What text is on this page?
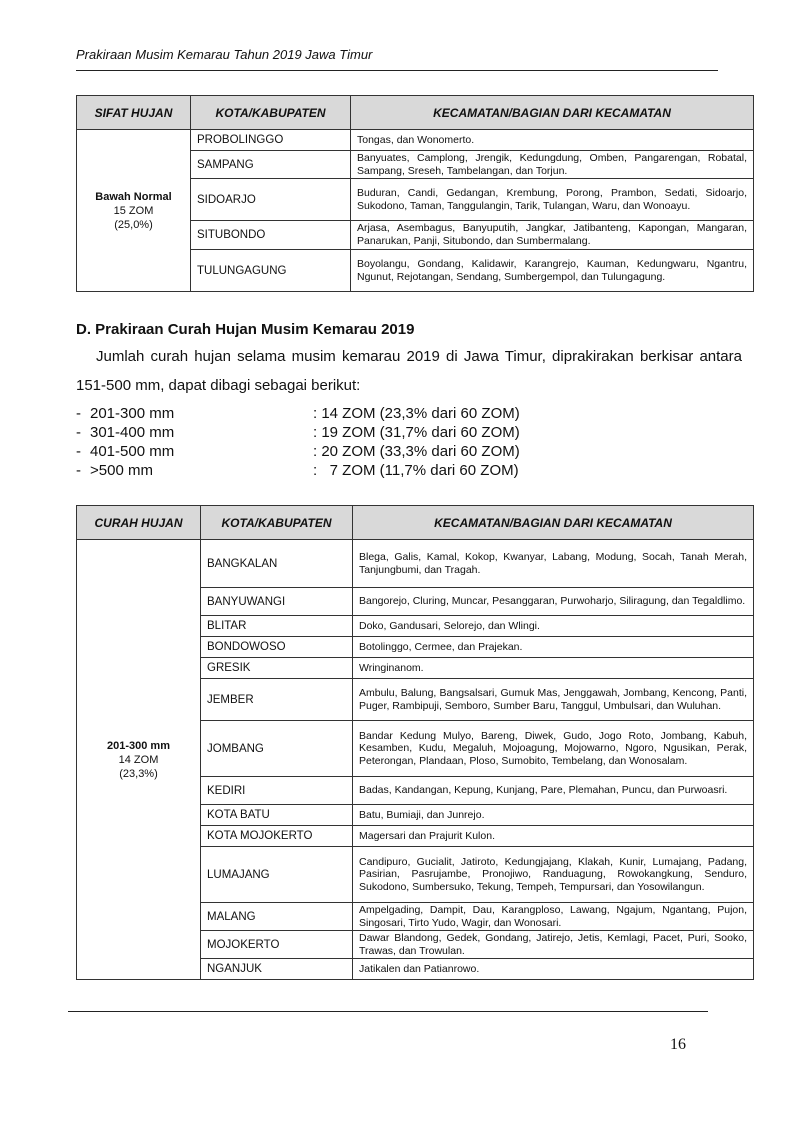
Prakiraan Musim Kemarau Tahun 2019 Jawa Timur
SIFAT HUJAN	KOTA/KABUPATEN	KECAMATAN/BAGIAN DARI KECAMATAN

Bawah Normal
15 ZOM
(25,0%)	PROBOLINGGO	Tongas, dan Wonomerto.
	SAMPANG	Banyuates, Camplong, Jrengik, Kedungdung, Omben, Pangarengan, Robatal, Sampang, Sreseh, Tambelangan, dan Torjun.
	SIDOARJO	Buduran, Candi, Gedangan, Krembung, Porong, Prambon, Sedati, Sidoarjo, Sukodono, Taman, Tanggulangin, Tarik, Tulangan, Waru, dan Wonoayu.
	SITUBONDO	Arjasa, Asembagus, Banyuputih, Jangkar, Jatibanteng, Kapongan, Mangaran, Panarukan, Panji, Situbondo, dan Sumbermalang.
	TULUNGAGUNG	Boyolangu, Gondang, Kalidawir, Karangrejo, Kauman, Kedungwaru, Ngantru, Ngunut, Rejotangan, Sendang, Sumbergempol, dan Tulungagung.
D. Prakiraan Curah Hujan Musim Kemarau 2019
Jumlah curah hujan selama musim kemarau 2019 di Jawa Timur, diprakirakan berkisar antara 151-500 mm, dapat dibagi sebagai berikut:
- 201-300 mm	: 14 ZOM (23,3% dari 60 ZOM)
- 301-400 mm	: 19 ZOM (31,7% dari 60 ZOM)
- 401-500 mm	: 20 ZOM (33,3% dari 60 ZOM)
- >500 mm	:   7 ZOM (11,7% dari 60 ZOM)
CURAH HUJAN	KOTA/KABUPATEN	KECAMATAN/BAGIAN DARI KECAMATAN

201-300 mm
14 ZOM
(23,3%)	BANGKALAN	Blega, Galis, Kamal, Kokop, Kwanyar, Labang, Modung, Socah, Tanah Merah, Tanjungbumi, dan Tragah.
	BANYUWANGI	Bangorejo, Cluring, Muncar, Pesanggaran, Purwoharjo, Siliragung, dan Tegaldlimo.
	BLITAR	Doko, Gandusari, Selorejo, dan Wlingi.
	BONDOWOSO	Botolinggo, Cermee, dan Prajekan.
	GRESIK	Wringinanom.
	JEMBER	Ambulu, Balung, Bangsalsari, Gumuk Mas, Jenggawah, Jombang, Kencong, Panti, Puger, Rambipuji, Semboro, Sumber Baru, Tanggul, Umbulsari, dan Wuluhan.
	JOMBANG	Bandar Kedung Mulyo, Bareng, Diwek, Gudo, Jogo Roto, Jombang, Kabuh, Kesamben, Kudu, Megaluh, Mojoagung, Mojowarno, Ngoro, Ngusikan, Perak, Peterongan, Plandaan, Ploso, Sumobito, Tembelang, dan Wonosalam.
	KEDIRI	Badas, Kandangan, Kepung, Kunjang, Pare, Plemahan, Puncu, dan Purwoasri.
	KOTA BATU	Batu, Bumiaji, dan Junrejo.
	KOTA MOJOKERTO	Magersari dan Prajurit Kulon.
	LUMAJANG	Candipuro, Gucialit, Jatiroto, Kedungjajang, Klakah, Kunir, Lumajang, Padang, Pasirian, Pasrujambe, Pronojiwo, Randuagung, Rowokangkung, Senduro, Sukodono, Sumbersuko, Tekung, Tempeh, Tempursari, dan Yosowilangun.
	MALANG	Ampelgading, Dampit, Dau, Karangploso, Lawang, Ngajum, Ngantang, Pujon, Singosari, Tirto Yudo, Wagir, dan Wonosari.
	MOJOKERTO	Dawar Blandong, Gedek, Gondang, Jatirejo, Jetis, Kemlagi, Pacet, Puri, Sooko, Trawas, dan Trowulan.
	NGANJUK	Jatikalen dan Patianrowo.
16
